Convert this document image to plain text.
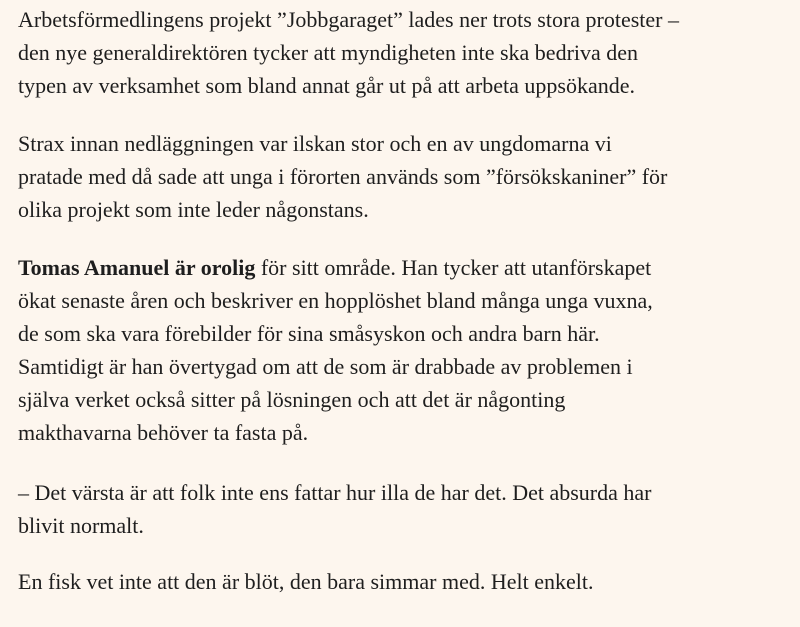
Arbetsförmedlingens projekt ”Jobbgaraget” lades ner trots stora protester –
den nye generaldirektören tycker att myndigheten inte ska bedriva den
typen av verksamhet som bland annat går ut på att arbeta uppsökande.

Strax innan nedläggningen var ilskan stor och en av ungdomarna vi
pratade med då sade att unga i förorten används som ”försökskaniner” för
olika projekt som inte leder någonstans.

Tomas Amanuel är orolig för sitt område. Han tycker att utanförskapet
ökat senaste åren och beskriver en hopplöshet bland många unga vuxna,
de som ska vara förebilder för sina småsyskon och andra barn här.
Samtidigt är han övertygad om att de som är drabbade av problemen i
själva verket också sitter på lösningen och att det är någonting
makthavarna behöver ta fasta på.

– Det värsta är att folk inte ens fattar hur illa de har det. Det absurda har
blivit normalt.

En fisk vet inte att den är blöt, den bara simmar med. Helt enkelt.
